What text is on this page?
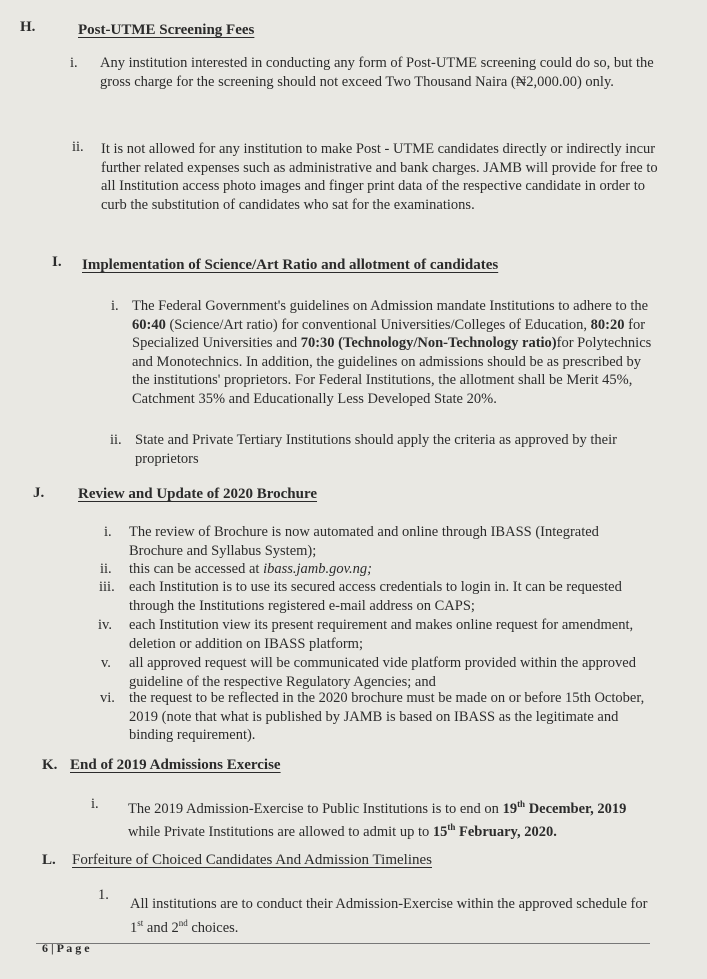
H.	Post-UTME Screening Fees
i. Any institution interested in conducting any form of Post-UTME screening could do so, but the gross charge for the screening should not exceed Two Thousand Naira (₦2,000.00) only.
ii. It is not allowed for any institution to make Post - UTME candidates directly or indirectly incur further related expenses such as administrative and bank charges. JAMB will provide for free to all Institution access photo images and finger print data of the respective candidate in order to curb the substitution of candidates who sat for the examinations.
I. Implementation of Science/Art Ratio and allotment of candidates
i. The Federal Government's guidelines on Admission mandate Institutions to adhere to the 60:40 (Science/Art ratio) for conventional Universities/Colleges of Education, 80:20 for Specialized Universities and 70:30 (Technology/Non-Technology ratio)for Polytechnics and Monotechnics. In addition, the guidelines on admissions should be as prescribed by the institutions' proprietors. For Federal Institutions, the allotment shall be Merit 45%, Catchment 35% and Educationally Less Developed State 20%.
ii. State and Private Tertiary Institutions should apply the criteria as approved by their proprietors
J. Review and Update of 2020 Brochure
i. The review of Brochure is now automated and online through IBASS (Integrated Brochure and Syllabus System);
ii. this can be accessed at ibass.jamb.gov.ng;
iii. each Institution is to use its secured access credentials to login in. It can be requested through the Institutions registered e-mail address on CAPS;
iv. each Institution view its present requirement and makes online request for amendment, deletion or addition on IBASS platform;
v. all approved request will be communicated vide platform provided within the approved guideline of the respective Regulatory Agencies; and
vi. the request to be reflected in the 2020 brochure must be made on or before 15th October, 2019 (note that what is published by JAMB is based on IBASS as the legitimate and binding requirement).
K. End of 2019 Admissions Exercise
i. The 2019 Admission-Exercise to Public Institutions is to end on 19th December, 2019 while Private Institutions are allowed to admit up to 15th February, 2020.
L. Forfeiture of Choiced Candidates And Admission Timelines
1.
All institutions are to conduct their Admission-Exercise within the approved schedule for 1st and 2nd choices.
6 | P a g e
